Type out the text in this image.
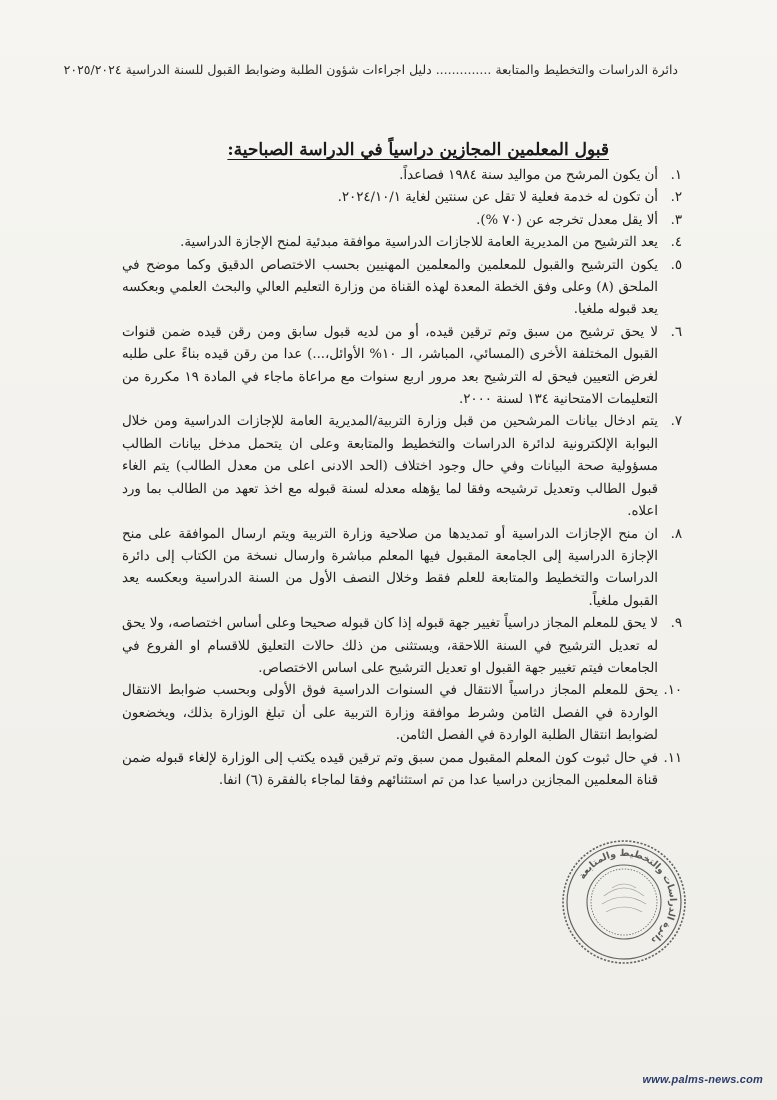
دائرة الدراسات والتخطيط والمتابعة .............. دليل اجراءات شؤون الطلبة وضوابط القبول للسنة الدراسية ٢٠٢٥/٢٠٢٤
قبول المعلمين المجازين دراسياً في الدراسة الصباحية:
١.
أن يكون المرشح من مواليد سنة ١٩٨٤ فصاعداً.
٢.
أن تكون له خدمة فعلية لا تقل عن سنتين لغاية ٢٠٢٤/١٠/١.
٣.
ألا يقل معدل تخرجه عن (٧٠ %).
٤.
يعد الترشيح من المديرية العامة للاجازات الدراسية موافقة مبدئية لمنح الإجازة الدراسية.
٥.
يكون الترشيح والقبول للمعلمين والمعلمين المهنيين بحسب الاختصاص الدقيق وكما موضح في الملحق (٨) وعلى وفق الخطة المعدة لهذه القناة من وزارة التعليم العالي والبحث العلمي وبعكسه يعد قبوله ملغيا.
٦.
لا يحق ترشيح من سبق وتم ترقين قيده، أو من لديه قبول سابق ومن رقن قيده ضمن قنوات القبول المختلفة الأخرى (المسائي، المباشر، الـ ١٠% الأوائل،...) عدا من رقن قيده بناءً على طلبه لغرض التعيين فيحق له الترشيح بعد مرور اربع سنوات مع مراعاة ماجاء في المادة ١٩ مكررة من التعليمات الامتحانية ١٣٤ لسنة ٢٠٠٠.
٧.
يتم ادخال بيانات المرشحين من قبل وزارة التربية/المديرية العامة للإجازات الدراسية ومن خلال البوابة الإلكترونية لدائرة الدراسات والتخطيط والمتابعة وعلى ان يتحمل مدخل بيانات الطالب مسؤولية صحة البيانات وفي حال وجود اختلاف (الحد الادنى اعلى من معدل الطالب) يتم الغاء قبول الطالب وتعديل ترشيحه وفقا لما يؤهله معدله لسنة قبوله مع اخذ تعهد من الطالب بما ورد اعلاه.
٨.
ان منح الإجازات الدراسية أو تمديدها من صلاحية وزارة التربية ويتم ارسال الموافقة على منح الإجازة الدراسية إلى الجامعة المقبول فيها المعلم مباشرة وارسال نسخة من الكتاب إلى دائرة الدراسات والتخطيط والمتابعة للعلم فقط وخلال النصف الأول من السنة الدراسية وبعكسه يعد القبول ملغياً.
٩.
لا يحق للمعلم المجاز دراسياً تغيير جهة قبوله إذا كان قبوله صحيحا وعلى أساس اختصاصه، ولا يحق له تعديل الترشيح في السنة اللاحقة، ويستثنى من ذلك حالات التعليق للاقسام او الفروع في الجامعات فيتم تغيير جهة القبول او تعديل الترشيح على اساس الاختصاص.
١٠.
يحق للمعلم المجاز دراسياً الانتقال في السنوات الدراسية فوق الأولى وبحسب ضوابط الانتقال الواردة في الفصل الثامن وشرط موافقة وزارة التربية على أن تبلغ الوزارة بذلك، ويخضعون لضوابط انتقال الطلبة الواردة في الفصل الثامن.
١١.
في حال ثبوت كون المعلم المقبول ممن سبق وتم ترقين قيده يكتب إلى الوزارة لإلغاء قبوله ضمن قناة المعلمين المجازين دراسيا عدا من تم استثنائهم وفقا لماجاء بالفقرة (٦) انفا.
دائرة الدراسات والتخطيط والمتابعة
www.palms-news.com
